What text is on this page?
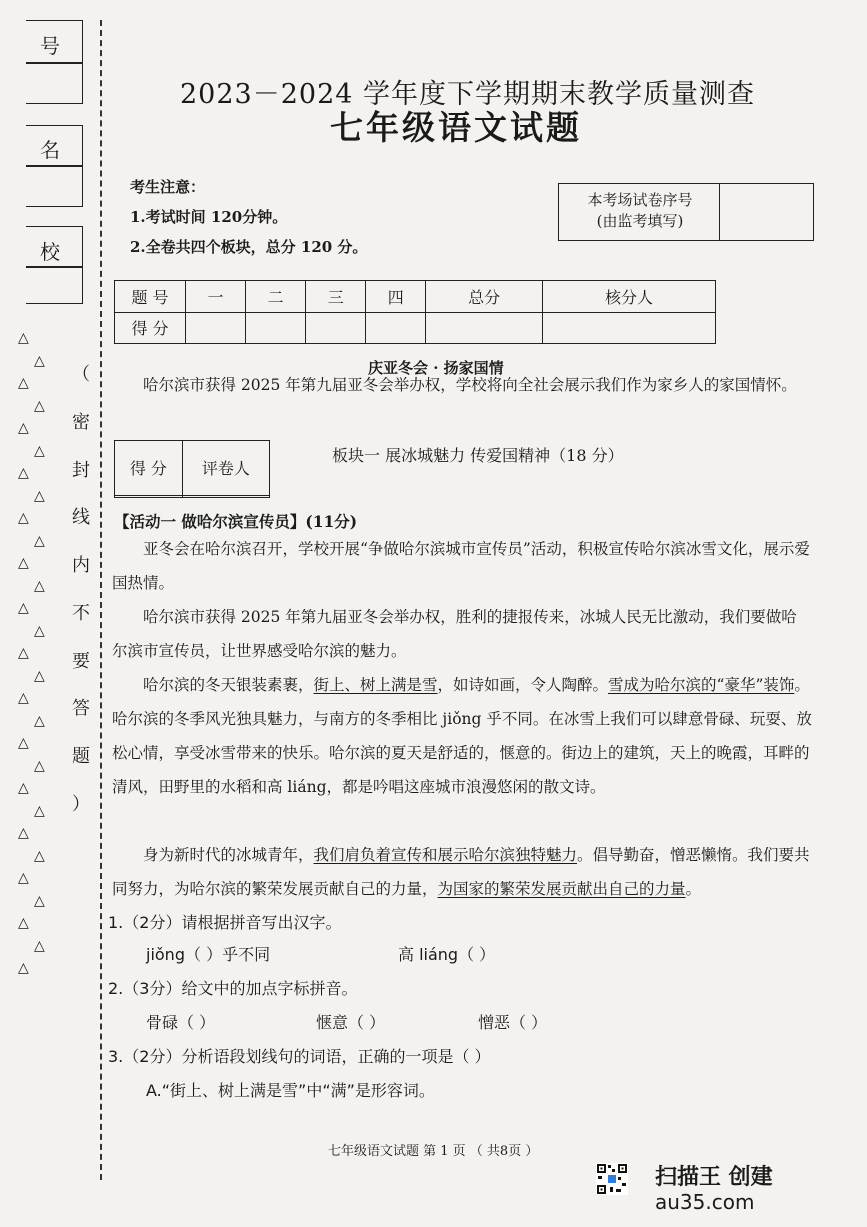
号
名
校
△
△
△
△
△
△
△
△
△
△
△
△
△
△
△
△
△
△
△
△
△
△
△
△
△
△
△
△
△
（
密
封
线
内
不
要
答
题
）
2023－2024 学年度下学期期末教学质量测查
七年级语文试题
考生注意：
1.考试时间 120分钟。
2.全卷共四个板块，总分 120 分。
本考场试卷序号
(由监考填写)
题 号	一	二	三	四	总分	核分人
得 分						
庆亚冬会 · 扬家国情
哈尔滨市获得 2025 年第九届亚冬会举办权，学校将向全社会展示我们作为家乡人的家国情怀。
得 分	评卷人

板块一 展冰城魅力 传爱国精神（18 分）
【活动一 做哈尔滨宣传员】(11分)
亚冬会在哈尔滨召开，学校开展“争做哈尔滨城市宣传员”活动，积极宣传哈尔滨冰雪文化，展示爱国热情。
哈尔滨市获得 2025 年第九届亚冬会举办权，胜利的捷报传来，冰城人民无比激动，我们要做哈尔滨市宣传员，让世界感受哈尔滨的魅力。
哈尔滨的冬天银装素裹，街上、树上满是雪，如诗如画，令人陶醉。雪成为哈尔滨的“豪华”装饰。哈尔滨的冬季风光独具魅力，与南方的冬季相比 jiǒng 乎不同。在冰雪上我们可以肆意骨碌、玩耍、放松心情，享受冰雪带来的快乐。哈尔滨的夏天是舒适的，惬意的。街边上的建筑，天上的晚霞，耳畔的清风，田野里的水稻和高 liáng，都是吟唱这座城市浪漫悠闲的散文诗。
身为新时代的冰城青年，我们肩负着宣传和展示哈尔滨独特魅力。倡导勤奋，憎恶懒惰。我们要共同努力，为哈尔滨的繁荣发展贡献自己的力量，为国家的繁荣发展贡献出自己的力量。
1.（2分）请根据拼音写出汉字。
jiǒng（ ）乎不同	高 liáng（ ）
2.（3分）给文中的加点字标拼音。
骨碌（ ）	惬意（ ）	憎恶（ ）
3.（2分）分析语段划线句的词语，正确的一项是（ ）
A.“街上、树上满是雪”中“满”是形容词。
七年级语文试题 第 1 页 （ 共8页 ）
扫描王 创建
au35.com
